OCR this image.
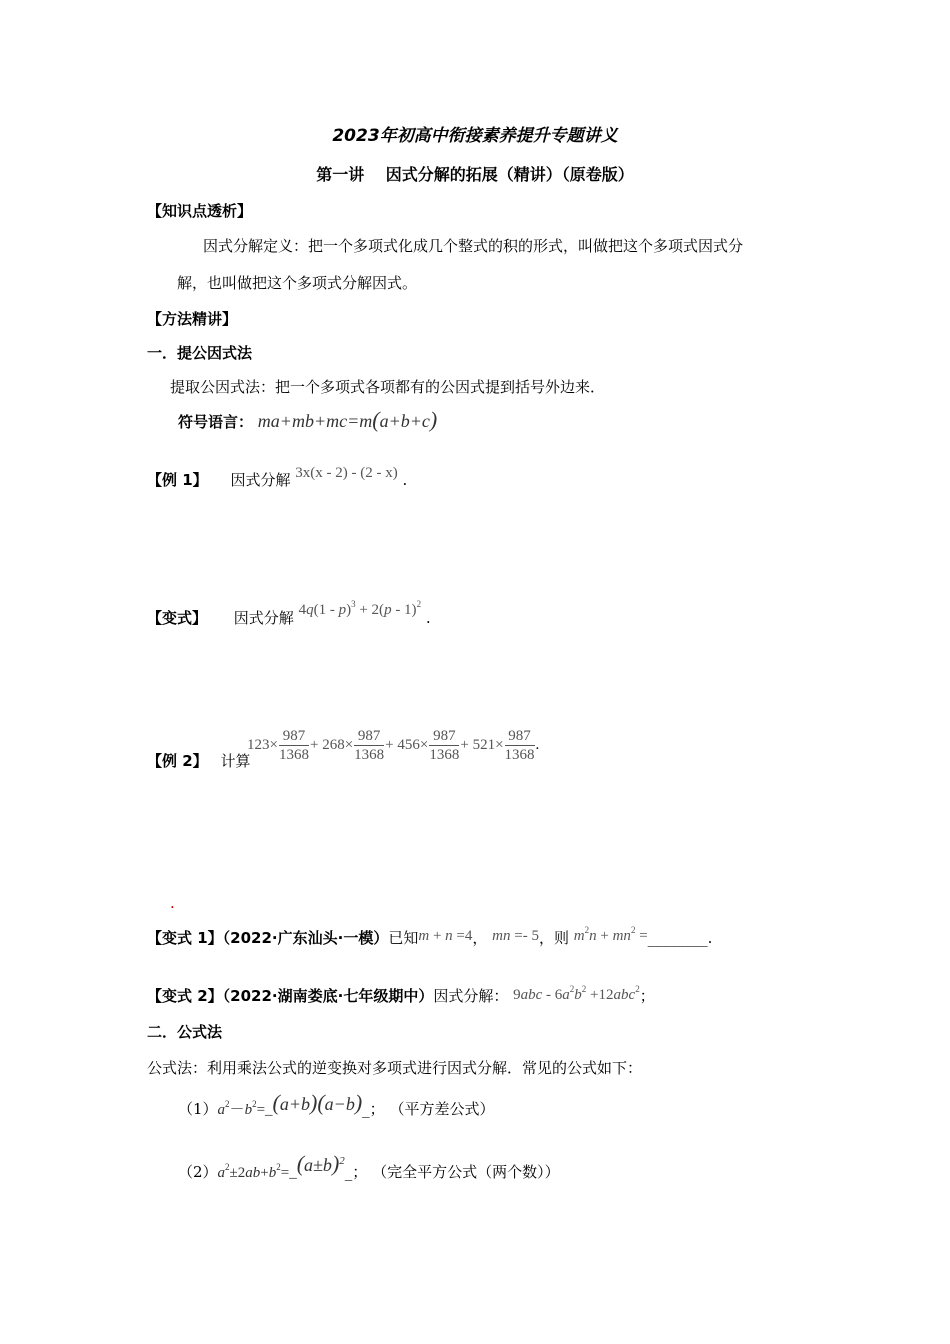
2023年初高中衔接素养提升专题讲义
第一讲　 因式分解的拓展（精讲）（原卷版）
【知识点透析】
因式分解定义：把一个多项式化成几个整式的积的形式，叫做把这个多项式因式分
解，也叫做把这个多项式分解因式。
【方法精讲】
一．提公因式法
提取公因式法：把一个多项式各项都有的公因式提到括号外边来．
符号语言： ma+mb+mc=m(a+b+c)
【例 1】 因式分解 3x(x - 2) - (2 - x) .
【变式】 因式分解 4q(1 - p)$^3$ + 2(p - 1)$^2$ .
【例 2】 计算
$123\times \frac{987}{1368} + 268\times \frac{987}{1368} + 456\times \frac{987}{1368} + 521\times \frac{987}{1368}$ .
.
【变式 1】（2022·广东汕头·一模）已知m + n =4， mn =- 5，则 $m^2n + mn^2$ =________.
【变式 2】（2022·湖南娄底·七年级期中）因式分解： $9abc - 6a^2b^2 +12abc^2$；
二．公式法
公式法：利用乘法公式的逆变换对多项式进行因式分解．常见的公式如下：
$(1)a^2-b^2=\_(a+b)(a-b)\_$； （平方差公式）
$(2)a^2\pm 2ab+b^2=\_(a\pm b)^2\_$； （完全平方公式（两个数））
